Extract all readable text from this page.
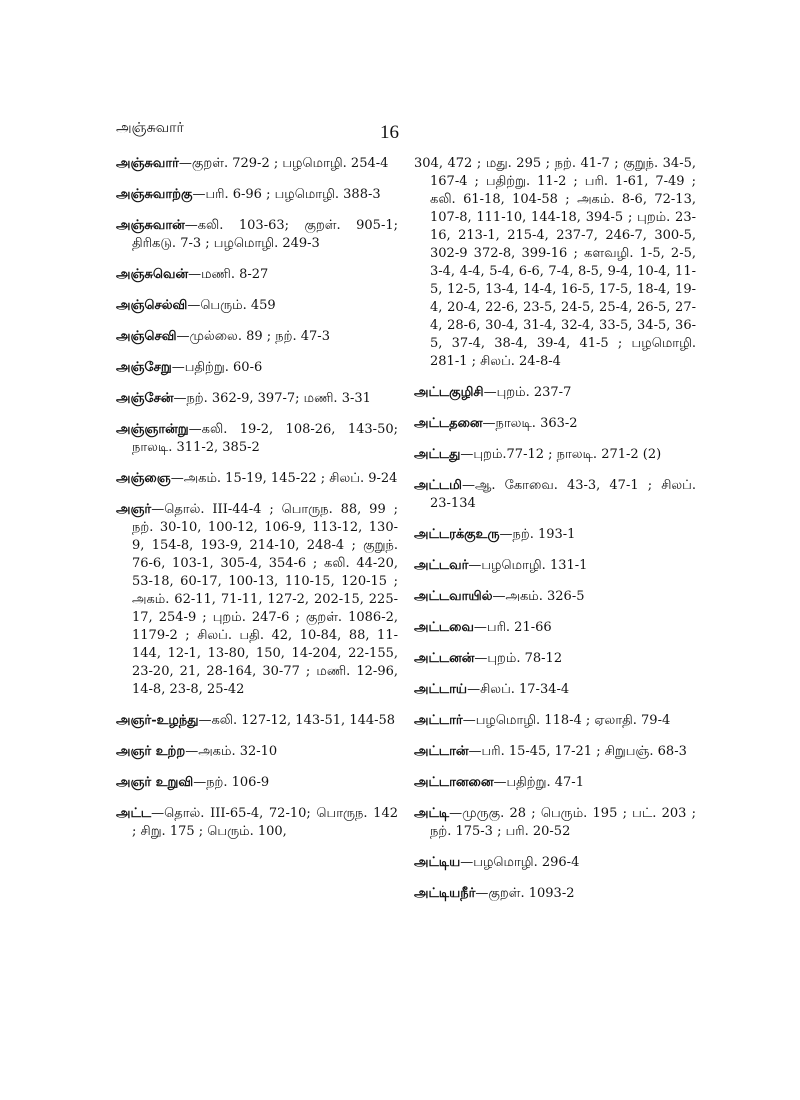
அஞ்சுவார்	16
அஞ்சுவார்—குறள். 729-2 ; பழமொழி. 254-4
அஞ்சுவாற்கு—பரி. 6-96 ; பழமொழி. 388-3
அஞ்சுவான்—கலி. 103-63; குறள். 905-1; திரிகடு. 7-3 ; பழமொழி. 249-3
அஞ்சுவென்—மணி. 8-27
அஞ்செல்வி—பெரும். 459
அஞ்செவி—முல்லை. 89 ; நற். 47-3
அஞ்சேறு—பதிற்று. 60-6
அஞ்சேன்—நற். 362-9, 397-7; மணி. 3-31
அஞ்ஞான்று—கலி. 19-2, 108-26, 143-50; நாலடி. 311-2, 385-2
அஞ்ஞை—அகம். 15-19, 145-22 ; சிலப். 9-24
அஞர்—தொல். III-44-4 ; பொருந. 88, 99 ; நற். 30-10, 100-12, 106-9, 113-12, 130-9, 154-8, 193-9, 214-10, 248-4 ; குறுந். 76-6, 103-1, 305-4, 354-6 ; கலி. 44-20, 53-18, 60-17, 100-13, 110-15, 120-15 ; அகம். 62-11, 71-11, 127-2, 202-15, 225-17, 254-9 ; புறம். 247-6 ; குறள். 1086-2, 1179-2 ; சிலப். பதி. 42, 10-84, 88, 11-144, 12-1, 13-80, 150, 14-204, 22-155, 23-20, 21, 28-164, 30-77 ; மணி. 12-96, 14-8, 23-8, 25-42
அஞர்-உழந்து—கலி. 127-12, 143-51, 144-58
அஞர் உற்ற—அகம். 32-10
அஞர் உறுவி—நற். 106-9
அட்ட—தொல். III-65-4, 72-10; பொருந. 142 ; சிறு. 175 ; பெரும். 100,
304, 472 ; மது. 295 ; நற். 41-7 ; குறுந். 34-5, 167-4 ; பதிற்று. 11-2 ; பரி. 1-61, 7-49 ; கலி. 61-18, 104-58 ; அகம். 8-6, 72-13, 107-8, 111-10, 144-18, 394-5 ; புறம். 23-16, 213-1, 215-4, 237-7, 246-7, 300-5, 302-9 372-8, 399-16 ; களவழி. 1-5, 2-5, 3-4, 4-4, 5-4, 6-6, 7-4, 8-5, 9-4, 10-4, 11-5, 12-5, 13-4, 14-4, 16-5, 17-5, 18-4, 19-4, 20-4, 22-6, 23-5, 24-5, 25-4, 26-5, 27-4, 28-6, 30-4, 31-4, 32-4, 33-5, 34-5, 36-5, 37-4, 38-4, 39-4, 41-5 ; பழமொழி. 281-1 ; சிலப். 24-8-4
அட்டகுழிசி—புறம். 237-7
அட்டதனை—நாலடி. 363-2
அட்டது—புறம்.77-12 ; நாலடி. 271-2 (2)
அட்டமி—ஆ. கோவை. 43-3, 47-1 ; சிலப். 23-134
அட்டரக்குஉரு—நற். 193-1
அட்டவர்—பழமொழி. 131-1
அட்டவாயில்—அகம். 326-5
அட்டவை—பரி. 21-66
அட்டனன்—புறம். 78-12
அட்டாய்—சிலப். 17-34-4
அட்டார்—பழமொழி. 118-4 ; ஏலாதி. 79-4
அட்டான்—பரி. 15-45, 17-21 ; சிறுபஞ். 68-3
அட்டானனை—பதிற்று. 47-1
அட்டி—முருகு. 28 ; பெரும். 195 ; பட். 203 ; நற். 175-3 ; பரி. 20-52
அட்டிய—பழமொழி. 296-4
அட்டியநீர்—குறள். 1093-2
